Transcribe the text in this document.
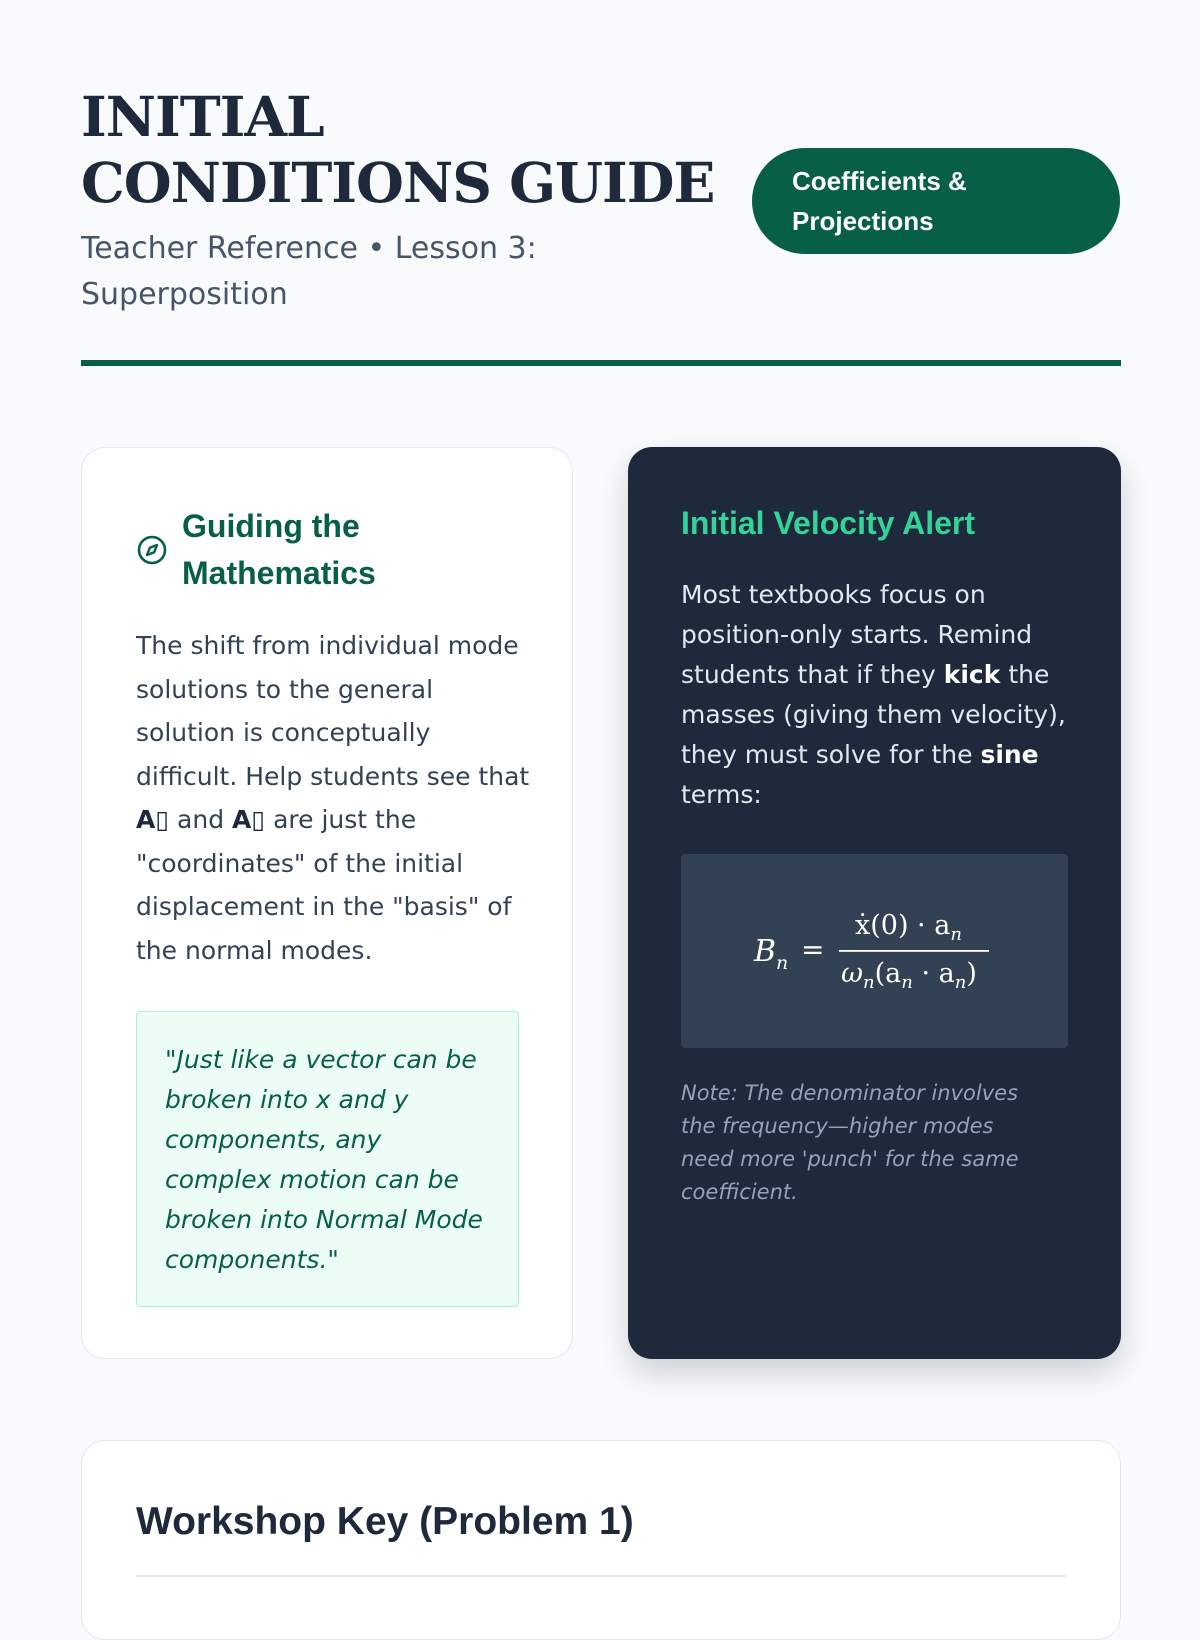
INITIAL CONDITIONS GUIDE
Teacher Reference • Lesson 3: Superposition
Coefficients & Projections
Guiding the Mathematics
The shift from individual mode solutions to the general solution is conceptually difficult. Help students see that A▯ and A▯ are just the "coordinates" of the initial displacement in the "basis" of the normal modes.
"Just like a vector can be broken into x and y components, any complex motion can be broken into Normal Mode components."
Initial Velocity Alert
Most textbooks focus on position-only starts. Remind students that if they kick the masses (giving them velocity), they must solve for the sine terms:
$B_n$ =
ẋ(0) · $a_n$
$\omega_n(a_n \cdot a_n)$
Note: The denominator involves the frequency—higher modes need more 'punch' for the same coefficient.
Workshop Key (Problem 1)
